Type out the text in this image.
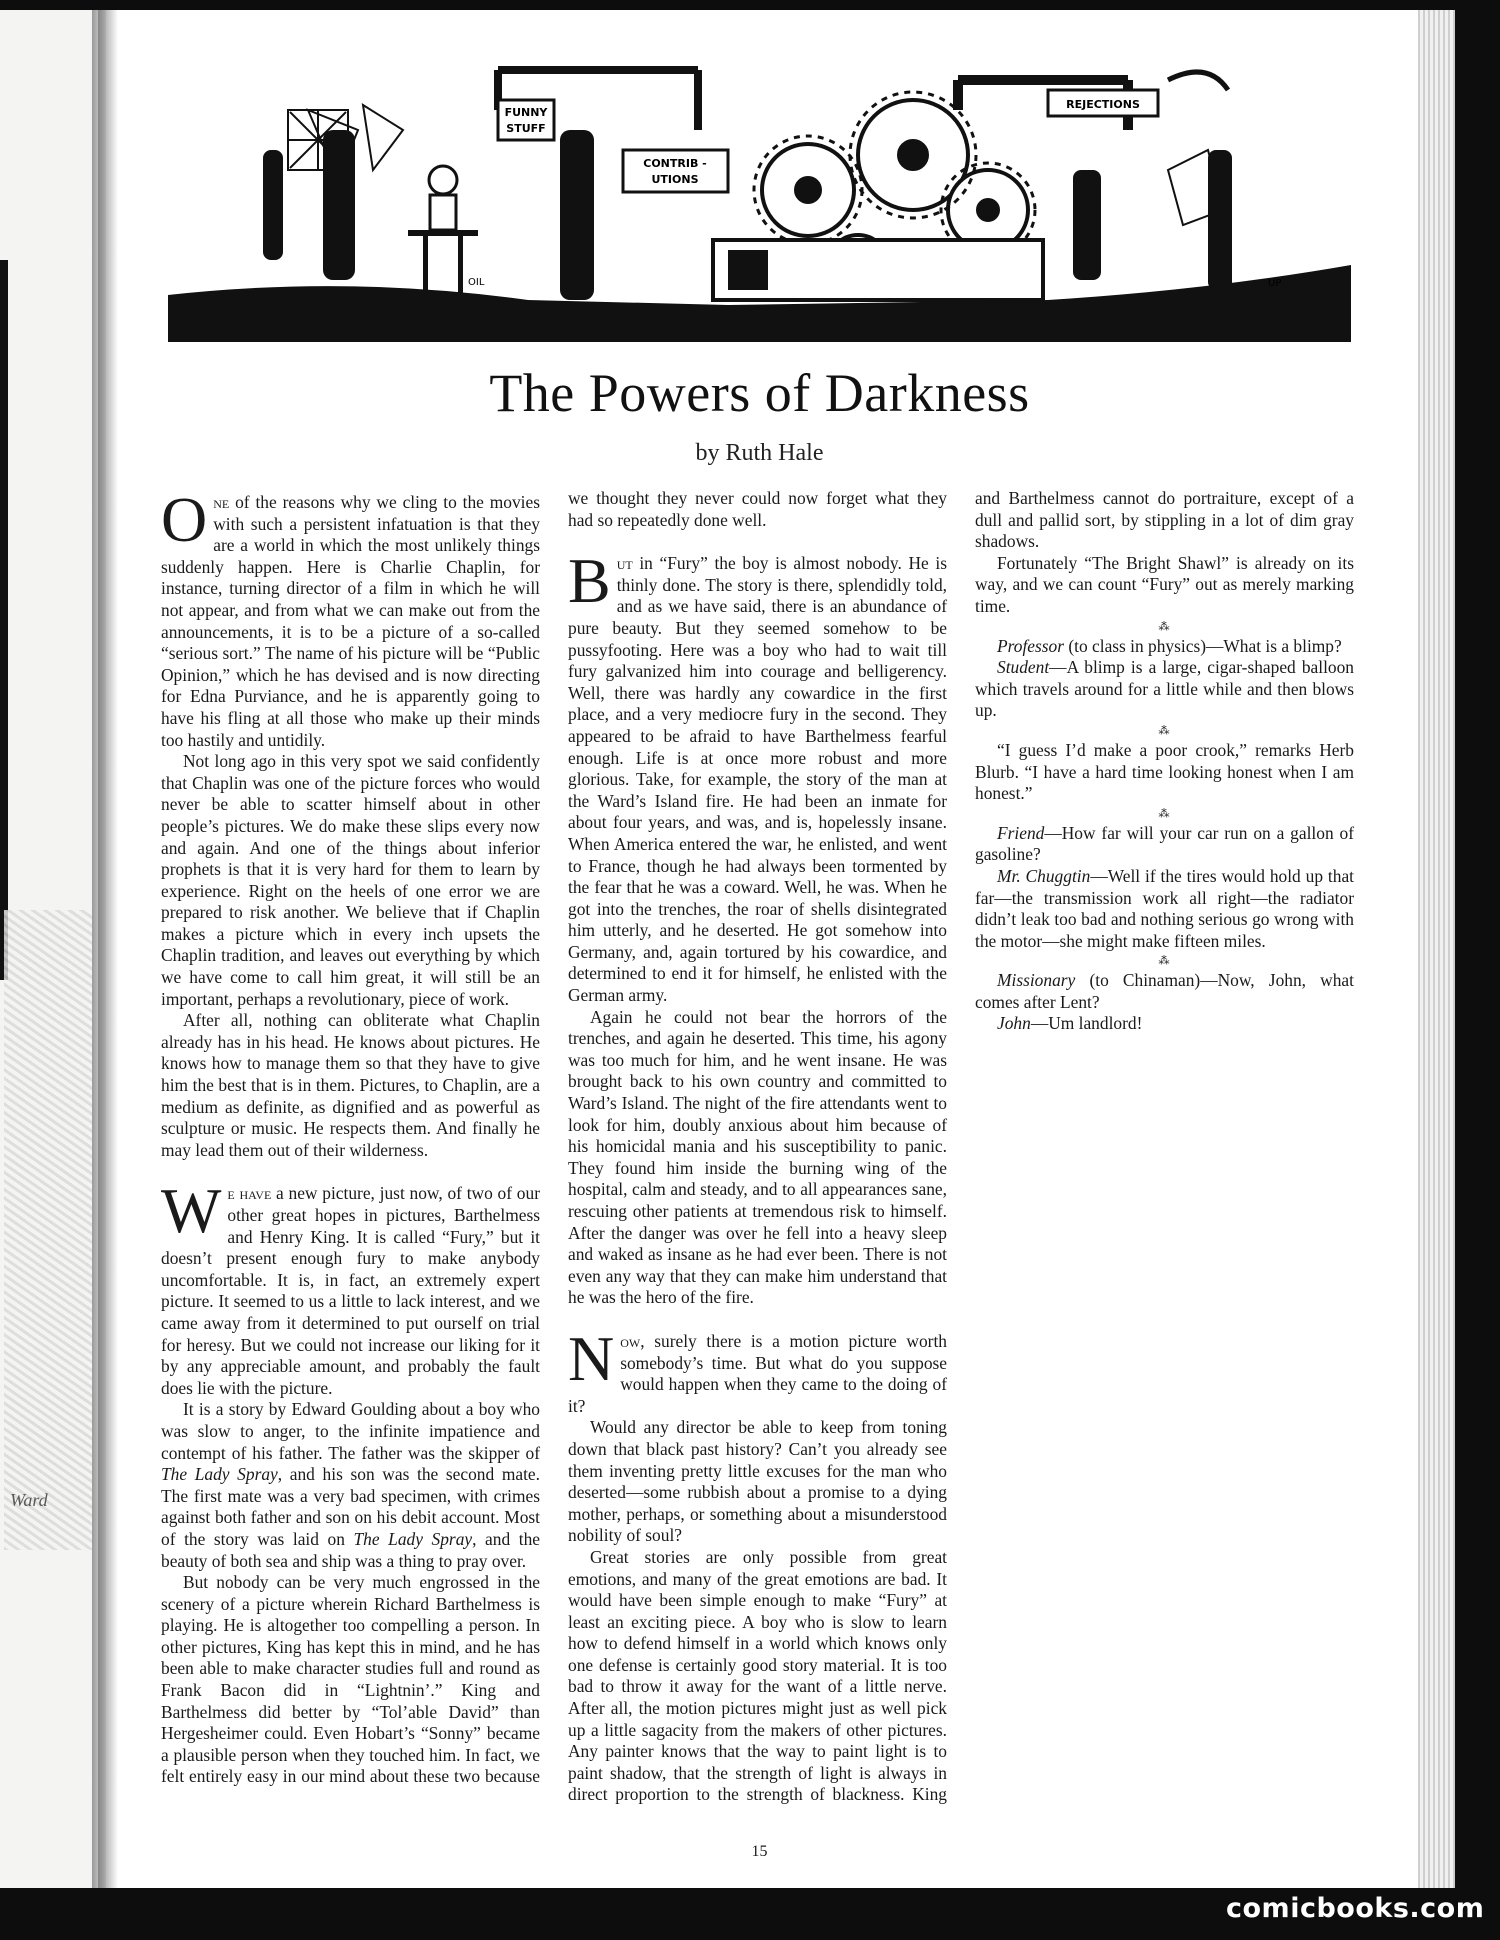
Ward
FUNNY
STUFF
CONTRIB -
UTIONS
REJECTIONS
OIL	UP
The Powers of Darkness
by Ruth Hale

One of the reasons why we cling to the movies with such a persistent infatuation is that they are a world in which the most unlikely things suddenly happen. Here is Charlie Chaplin, for instance, turning director of a film in which he will not appear, and from what we can make out from the announcements, it is to be a picture of a so-called “serious sort.” The name of his picture will be “Public Opinion,” which he has devised and is now directing for Edna Purviance, and he is apparently going to have his fling at all those who make up their minds too hastily and untidily.

Not long ago in this very spot we said confidently that Chaplin was one of the picture forces who would never be able to scatter himself about in other people’s pictures. We do make these slips every now and again. And one of the things about inferior prophets is that it is very hard for them to learn by experience. Right on the heels of one error we are prepared to risk another. We believe that if Chaplin makes a picture which in every inch upsets the Chaplin tradition, and leaves out everything by which we have come to call him great, it will still be an important, perhaps a revolutionary, piece of work.

After all, nothing can obliterate what Chaplin already has in his head. He knows about pictures. He knows how to manage them so that they have to give him the best that is in them. Pictures, to Chaplin, are a medium as definite, as dignified and as powerful as sculpture or music. He respects them. And finally he may lead them out of their wilderness.

We have a new picture, just now, of two of our other great hopes in pictures, Barthelmess and Henry King. It is called “Fury,” but it doesn’t present enough fury to make anybody uncomfortable. It is, in fact, an extremely expert picture. It seemed to us a little to lack interest, and we came away from it determined to put ourself on trial for heresy. But we could not increase our liking for it by any appreciable amount, and probably the fault does lie with the picture.

It is a story by Edward Goulding about a boy who was slow to anger, to the infinite impatience and contempt of his father. The father was the skipper of The Lady Spray, and his son was the second mate. The first mate was a very bad specimen, with crimes against both father and son on his debit account. Most of the story was laid on The Lady Spray, and the beauty of both sea and ship was a thing to pray over.

But nobody can be very much engrossed in the scenery of a picture wherein Richard Barthelmess is playing. He is altogether too compelling a person. In other pictures, King has kept this in mind, and he has been able to make character studies full and round as Frank Bacon did in “Lightnin’.” King and Barthelmess did better by “Tol’able David” than Hergesheimer could. Even Hobart’s “Sonny” became a plausible person when they touched him. In fact, we felt entirely easy in our mind about these two because we thought they never could now forget what they had so repeatedly done well.

But in “Fury” the boy is almost nobody. He is thinly done. The story is there, splendidly told, and as we have said, there is an abundance of pure beauty. But they seemed somehow to be pussyfooting. Here was a boy who had to wait till fury galvanized him into courage and belligerency. Well, there was hardly any cowardice in the first place, and a very mediocre fury in the second. They appeared to be afraid to have Barthelmess fearful enough. Life is at once more robust and more glorious. Take, for example, the story of the man at the Ward’s Island fire. He had been an inmate for about four years, and was, and is, hopelessly insane. When America entered the war, he enlisted, and went to France, though he had always been tormented by the fear that he was a coward. Well, he was. When he got into the trenches, the roar of shells disintegrated him utterly, and he deserted. He got somehow into Germany, and, again tortured by his cowardice, and determined to end it for himself, he enlisted with the German army.

Again he could not bear the horrors of the trenches, and again he deserted. This time, his agony was too much for him, and he went insane. He was brought back to his own country and committed to Ward’s Island. The night of the fire attendants went to look for him, doubly anxious about him because of his homicidal mania and his susceptibility to panic. They found him inside the burning wing of the hospital, calm and steady, and to all appearances sane, rescuing other patients at tremendous risk to himself. After the danger was over he fell into a heavy sleep and waked as insane as he had ever been. There is not even any way that they can make him understand that he was the hero of the fire.

Now, surely there is a motion picture worth somebody’s time. But what do you suppose would happen when they came to the doing of it?

Would any director be able to keep from toning down that black past history? Can’t you already see them inventing pretty little excuses for the man who deserted—some rubbish about a promise to a dying mother, perhaps, or something about a misunderstood nobility of soul?

Great stories are only possible from great emotions, and many of the great emotions are bad. It would have been simple enough to make “Fury” at least an exciting piece. A boy who is slow to learn how to defend himself in a world which knows only one defense is certainly good story material. It is too bad to throw it away for the want of a little nerve. After all, the motion pictures might just as well pick up a little sagacity from the makers of other pictures. Any painter knows that the way to paint light is to paint shadow, that the strength of light is always in direct proportion to the strength of blackness. King and Barthelmess cannot do portraiture, except of a dull and pallid sort, by stippling in a lot of dim gray shadows.

Fortunately “The Bright Shawl” is already on its way, and we can count “Fury” out as merely marking time.

⁂

Professor (to class in physics)—What is a blimp?

Student—A blimp is a large, cigar-shaped balloon which travels around for a little while and then blows up.

⁂

“I guess I’d make a poor crook,” remarks Herb Blurb. “I have a hard time looking honest when I am honest.”

⁂

Friend—How far will your car run on a gallon of gasoline?

Mr. Chuggtin—Well if the tires would hold up that far—the transmission work all right—the radiator didn’t leak too bad and nothing serious go wrong with the motor—she might make fifteen miles.

⁂

Missionary (to Chinaman)—Now, John, what comes after Lent?

John—Um landlord!

15
comicbooks.com
